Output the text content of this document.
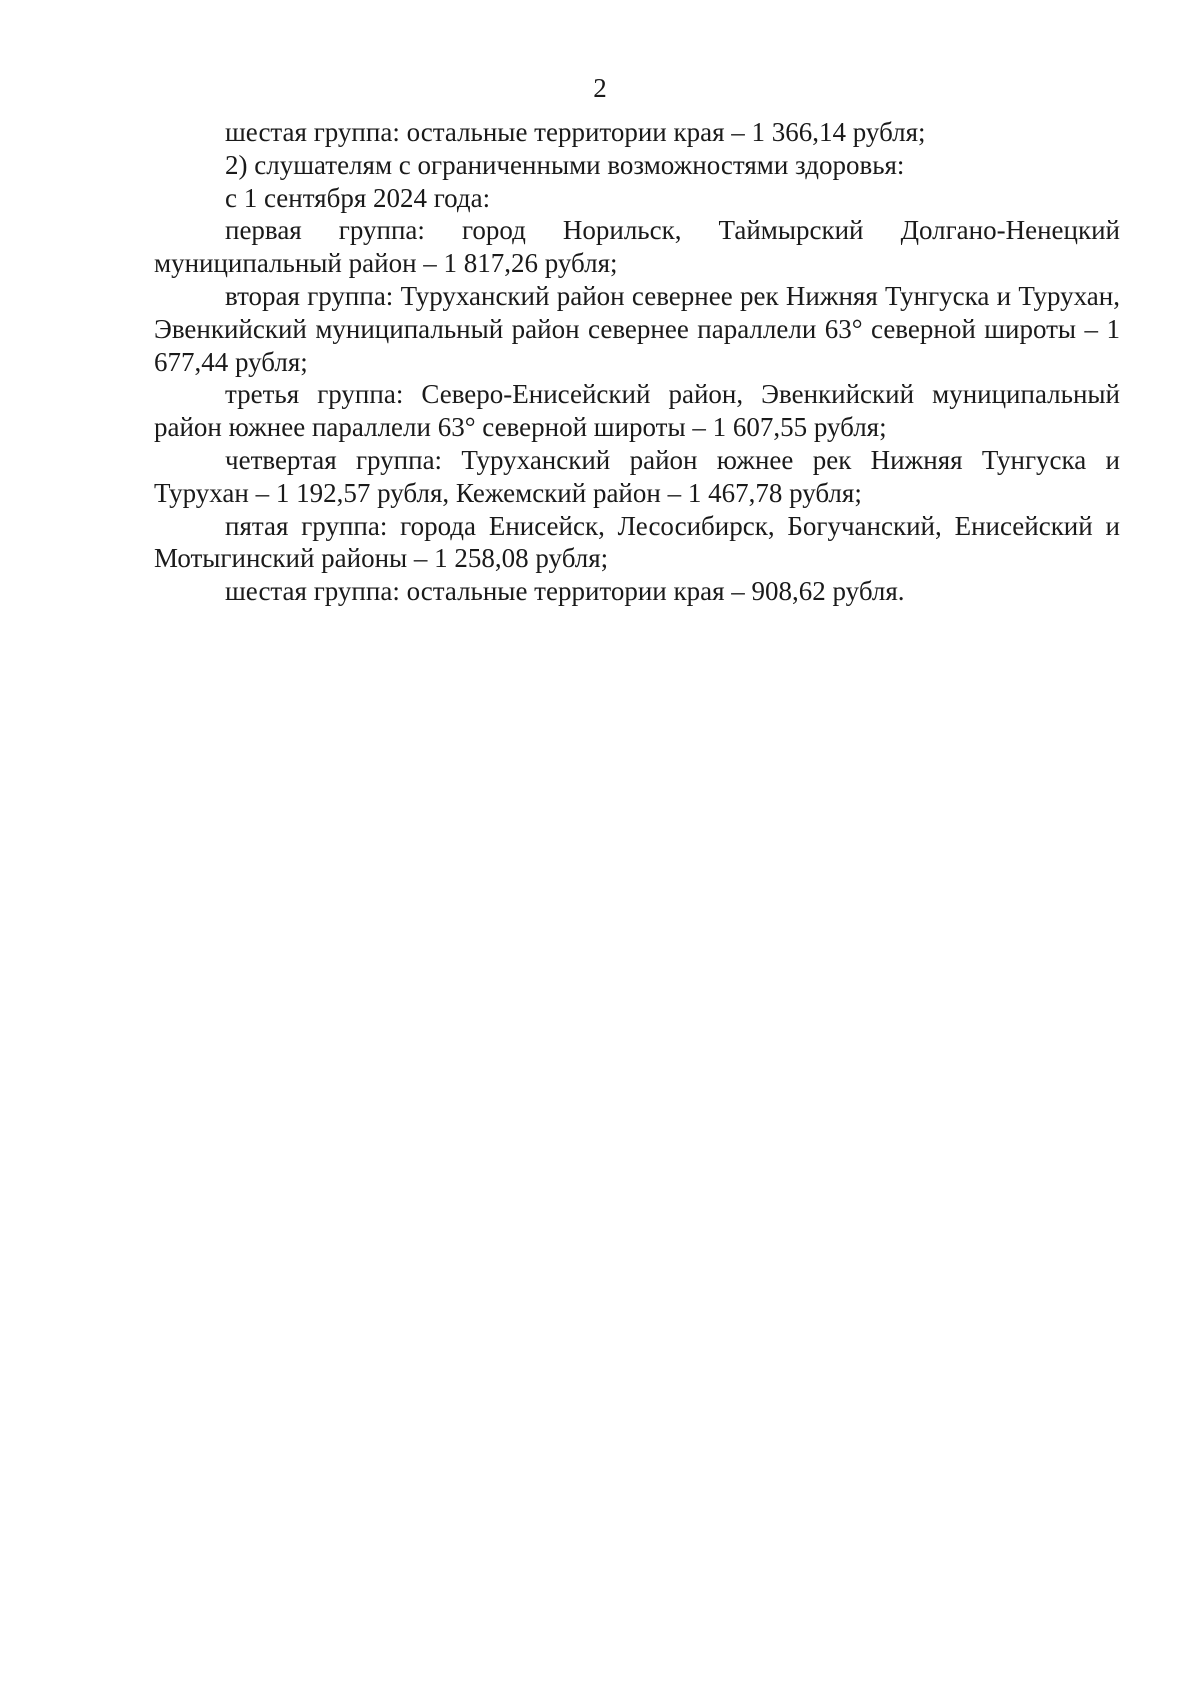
2

шестая группа: остальные территории края – 1 366,14 рубля;

2) слушателям с ограниченными возможностями здоровья:

с 1 сентября 2024 года:

первая группа: город Норильск, Таймырский Долгано-Ненецкий муниципальный район – 1 817,26 рубля;

вторая группа: Туруханский район севернее рек Нижняя Тунгуска и Турухан, Эвенкийский муниципальный район севернее параллели 63° северной широты – 1 677,44 рубля;

третья группа: Северо-Енисейский район, Эвенкийский муниципальный район южнее параллели 63° северной широты – 1 607,55 рубля;

четвертая группа: Туруханский район южнее рек Нижняя Тунгуска и Турухан – 1 192,57 рубля, Кежемский район – 1 467,78 рубля;

пятая группа: города Енисейск, Лесосибирск, Богучанский, Енисейский и Мотыгинский районы – 1 258,08 рубля;

шестая группа: остальные территории края – 908,62 рубля.
